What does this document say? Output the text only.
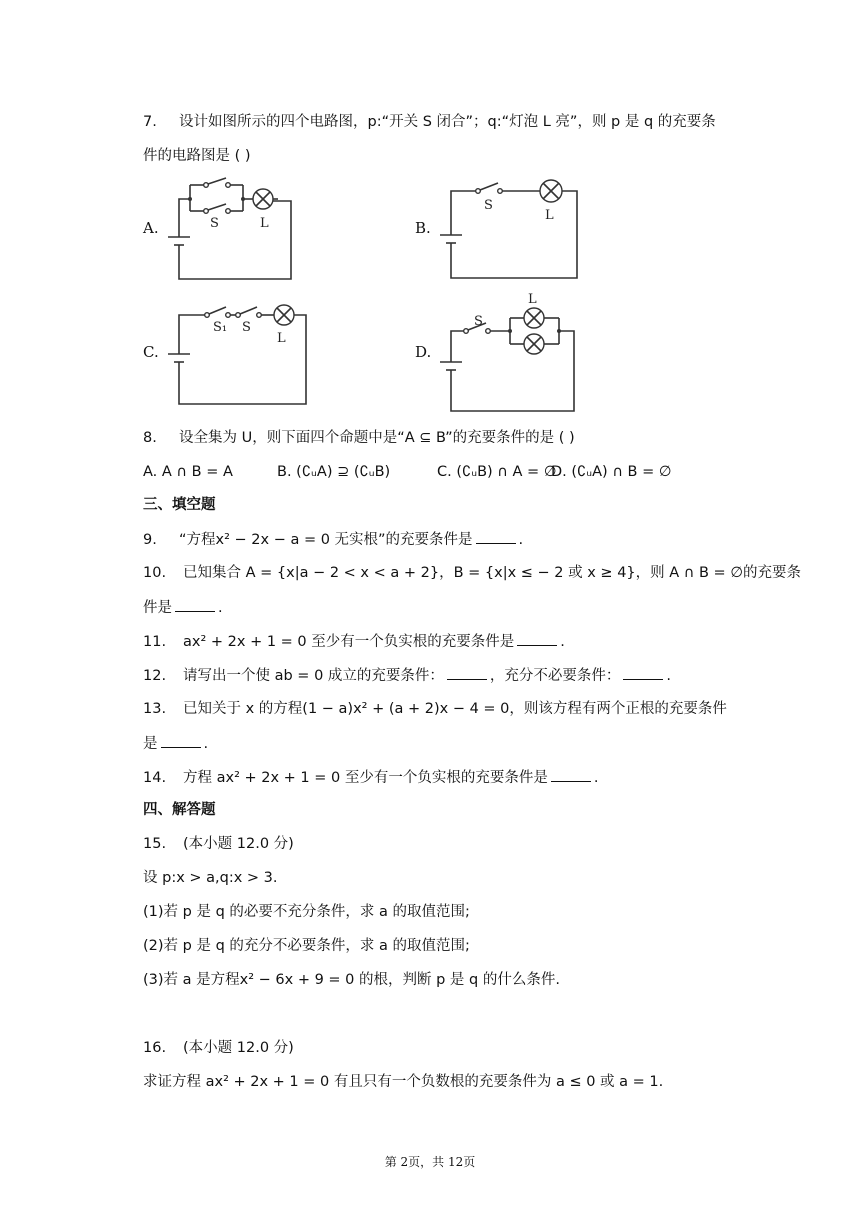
7. 设计如图所示的四个电路图，p:“开关 S 闭合”；q:“灯泡 L 亮”，则 p 是 q 的充要条
件的电路图是 ( )
A.	S	L	B.
S
L
C.
S₁ S
L
D.
S
L
8. 设全集为 U，则下面四个命题中是“A ⊆ B”的充要条件的是 ( )
A. A ∩ B = A	B. (∁ᵤA) ⊇ (∁ᵤB)	C. (∁ᵤB) ∩ A = ∅D. (∁ᵤA) ∩ B = ∅
三、填空题
9. “方程x² − 2x − a = 0 无实根”的充要条件是	.
10. 已知集合 A = {x|a − 2 < x < a + 2}，B = {x|x ≤ − 2 或 x ≥ 4}，则 A ∩ B = ∅的充要条
件是	.
11. ax² + 2x + 1 = 0 至少有一个负实根的充要条件是	.
12. 请写出一个使 ab = 0 成立的充要条件：	，充分不必要条件：	.
13. 已知关于 x 的方程(1 − a)x² + (a + 2)x − 4 = 0，则该方程有两个正根的充要条件
是	.
14. 方程 ax² + 2x + 1 = 0 至少有一个负实根的充要条件是	.
四、解答题
15. (本小题 12.0 分)
设 p:x > a,q:x > 3.
(1)若 p 是 q 的必要不充分条件，求 a 的取值范围;
(2)若 p 是 q 的充分不必要条件，求 a 的取值范围;
(3)若 a 是方程x² − 6x + 9 = 0 的根，判断 p 是 q 的什么条件.
16. (本小题 12.0 分)
求证方程 ax² + 2x + 1 = 0 有且只有一个负数根的充要条件为 a ≤ 0 或 a = 1.
第 2页，共 12页
